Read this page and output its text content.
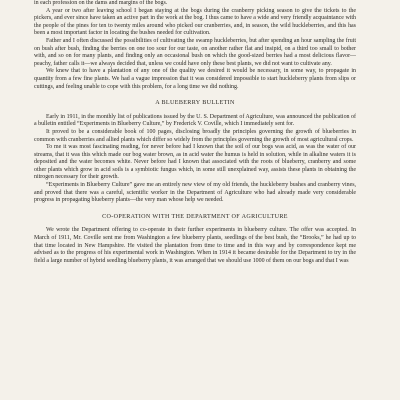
in each profession on the dams and margins of the bogs.

A year or two after leaving school I began staying at the bogs during the cranberry picking season to give the tickets to the pickers, and ever since have taken an active part in the work at the bog. I thus came to have a wide and very friendly acquaintance with the people of the pines for ten to twenty miles around who picked our cranberries, and, in season, the wild huckleberries, and this has been a most important factor in locating the bushes needed for cultivation.

Father and I often discussed the possibilities of cultivating the swamp huckleberries, but after spending an hour sampling the fruit on bush after bush, finding the berries on one too sour for our taste, on another rather flat and insipid, on a third too small to bother with, and so on for many plants, and finding only an occasional bush on which the good-sized berries had a most delicious flavor—peachy, father calls it—we always decided that, unless we could have only these best plants, we did not want to cultivate any.

We knew that to have a plantation of any one of the quality we desired it would be necessary, in some way, to propagate in quantity from a few fine plants. We had a vague impression that it was considered impossible to start huckleberry plants from slips or cuttings, and feeling unable to cope with this problem, for a long time we did nothing.

A BLUEBERRY BULLETIN

Early in 1911, in the monthly list of publications issued by the U. S. Department of Agriculture, was announced the publication of a bulletin entitled “Experiments in Blueberry Culture,” by Frederick V. Coville, which I immediately sent for.

It proved to be a considerable book of 100 pages, disclosing broadly the principles governing the growth of blueberries in common with cranberries and allied plants which differ so widely from the principles governing the growth of most agricultural crops.

To me it was most fascinating reading, for never before had I known that the soil of our bogs was acid, as was the water of our streams, that it was this which made our bog water brown, as in acid water the humus is held in solution, while in alkaline waters it is deposited and the water becomes white. Never before had I known that associated with the roots of blueberry, cranberry and some other plants which grow in acid soils is a symbiotic fungus which, in some still unexplained way, assists these plants in obtaining the nitrogen necessary for their growth.

“Experiments in Blueberry Culture” gave me an entirely new view of my old friends, the huckleberry bushes and cranberry vines, and proved that there was a careful, scientific worker in the Department of Agriculture who had already made very considerable progress in propagating blueberry plants—the very man whose help we needed.

CO-OPERATION WITH THE DEPARTMENT OF AGRICULTURE

We wrote the Department offering to co-operate in their further experiments in blueberry culture. The offer was accepted. In March of 1911, Mr. Coville sent me from Washington a few blueberry plants, seedlings of the best bush, the “Brooks,” he had up to that time located in New Hampshire. He visited the plantation from time to time and in this way and by correspondence kept me advised as to the progress of his experimental work in Washington. When in 1914 it became desirable for the Department to try in the field a large number of hybrid seedling blueberry plants, it was arranged that we should use 1000 of them on our bogs and that I was
